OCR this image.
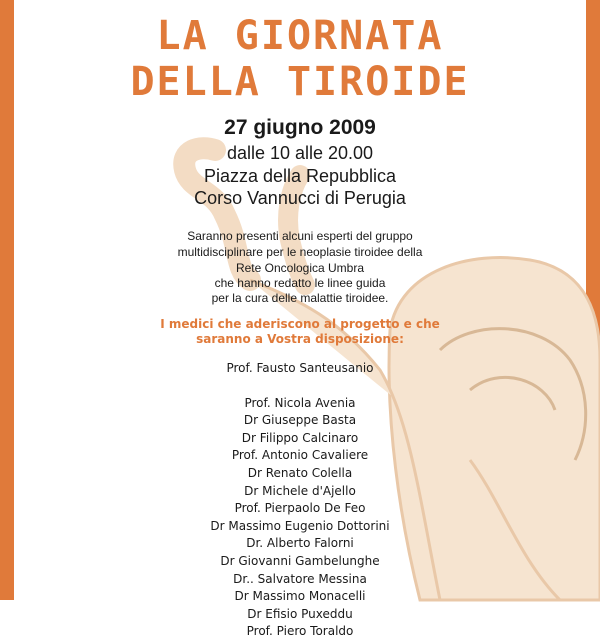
LA GIORNATA
DELLA TIROIDE
27 giugno 2009
dalle 10 alle 20.00
Piazza della Repubblica
Corso Vannucci di Perugia
Saranno presenti alcuni esperti del gruppo
multidisciplinare per le neoplasie tiroidee della
Rete Oncologica Umbra
che hanno redatto le linee guida
per la cura delle malattie tiroidee.
I medici che aderiscono al progetto e che
saranno a Vostra disposizione:
Prof. Fausto Santeusanio
Prof. Nicola Avenia
Dr Giuseppe Basta
Dr Filippo Calcinaro
Prof. Antonio Cavaliere
Dr Renato Colella
Dr Michele d'Ajello
Prof. Pierpaolo De Feo
Dr Massimo Eugenio Dottorini
Dr. Alberto Falorni
Dr Giovanni Gambelunghe
Dr.. Salvatore Messina
Dr Massimo Monacelli
Dr Efisio Puxeddu
Prof. Piero Toraldo
